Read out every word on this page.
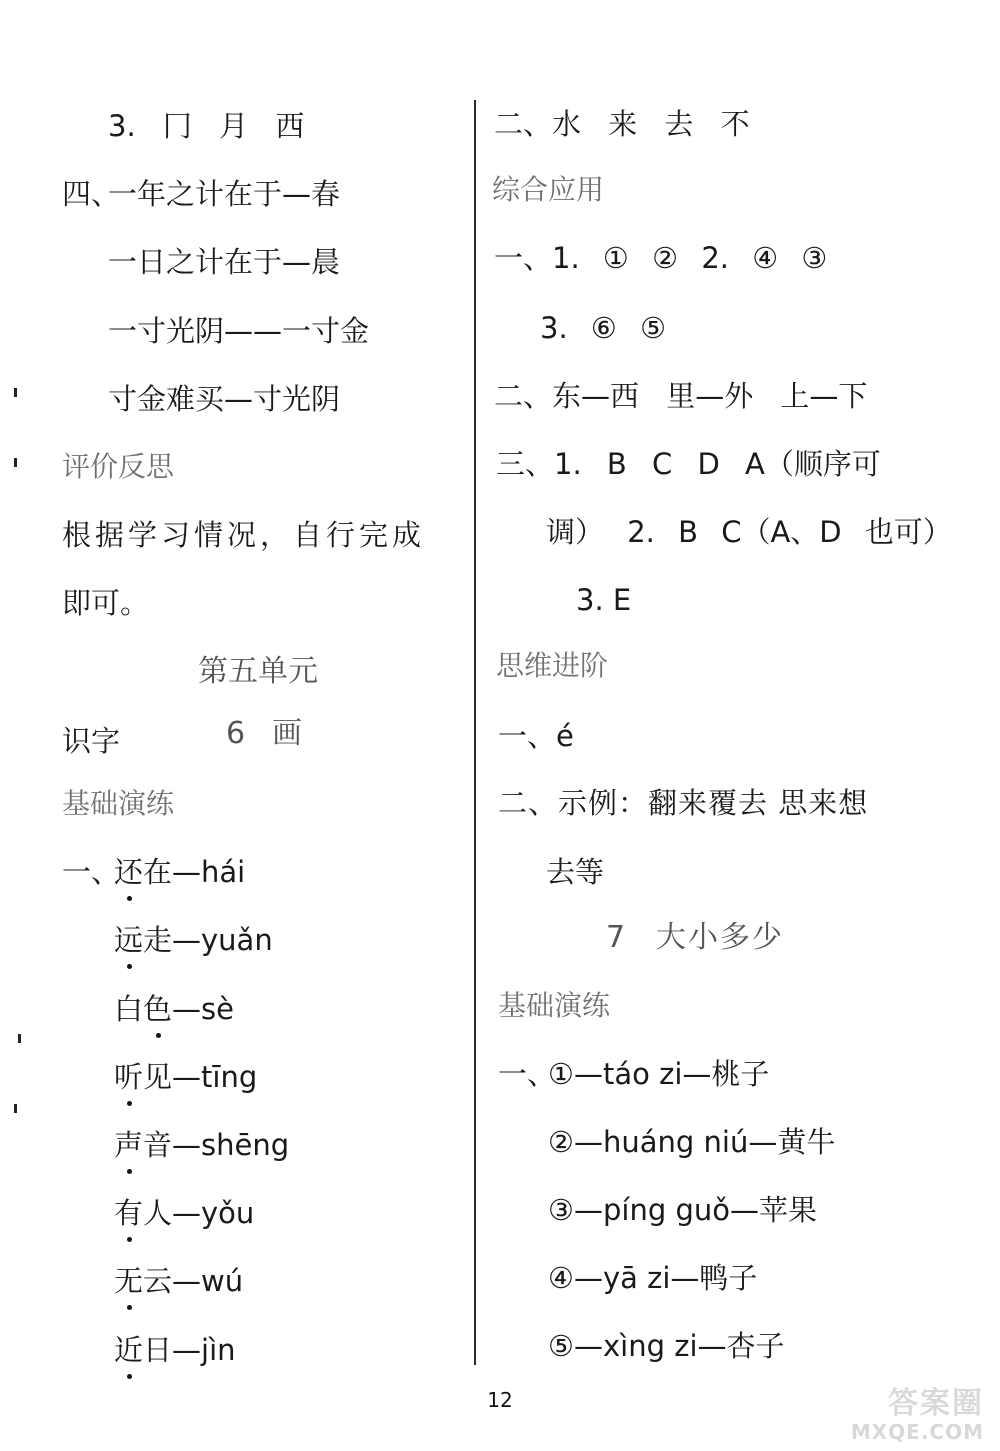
3. 冂 月 西
四、
一年之计在于—春
一日之计在于—晨
一寸光阴——一寸金
寸金难买—寸光阴
评价反思
根据学习情况，自行完成
即可。
第五单元
识字	6 画
基础演练
一、
还在—hái
远走—yuǎn
白色—sè
听见—tīng
声音—shēng
有人—yǒu
无云—wú
近日—jìn
二、水 来 去 不
综合应用
一、1. ① ② 2. ④ ③
3. ⑥ ⑤
二、东—西 里—外 上—下
三、1. B C D A（顺序可
调） 2. B C（A、D 也可）
3. E
思维进阶
一、é
二、示例：翻来覆去 思来想
去等
7 大小多少
基础演练
一、
①—táo zi—桃子
②—huáng niú—黄牛
③—píng guǒ—苹果
④—yā zi—鸭子
⑤—xìng zi—杏子
12	答案圈
MXQE.COM
